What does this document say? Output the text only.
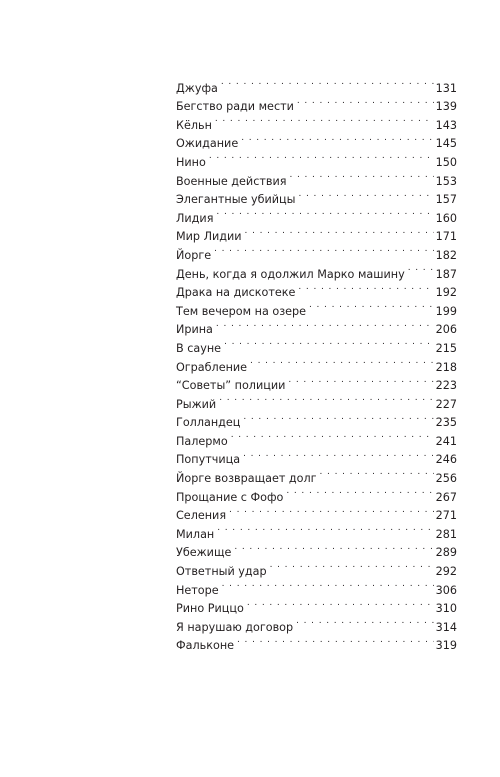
Джуфа . . .	131
Бегство ради мести . . .	139
Кёльн . . .	143
Ожидание . . .	145
Нино . . .	150
Военные действия . . .	153
Элегантные убийцы . . .	157
Лидия . . .	160
Мир Лидии . . .	171
Йорге . . .	182
День, когда я одолжил Марко машину . . .	187
Драка на дискотеке . . .	192
Тем вечером на озере . . .	199
Ирина . . .	206
В сауне . . .	215
Ограбление . . .	218
“Советы” полиции . . .	223
Рыжий . . .	227
Голландец . . .	235
Палермо . . .	241
Попутчица . . .	246
Йорге возвращает долг . . .	256
Прощание с Фофо . . .	267
Селения . . .	271
Милан . . .	281
Убежище . . .	289
Ответный удар . . .	292
Неторе . . .	306
Рино Риццо . . .	310
Я нарушаю договор . . .	314
Фальконе . . .	319
